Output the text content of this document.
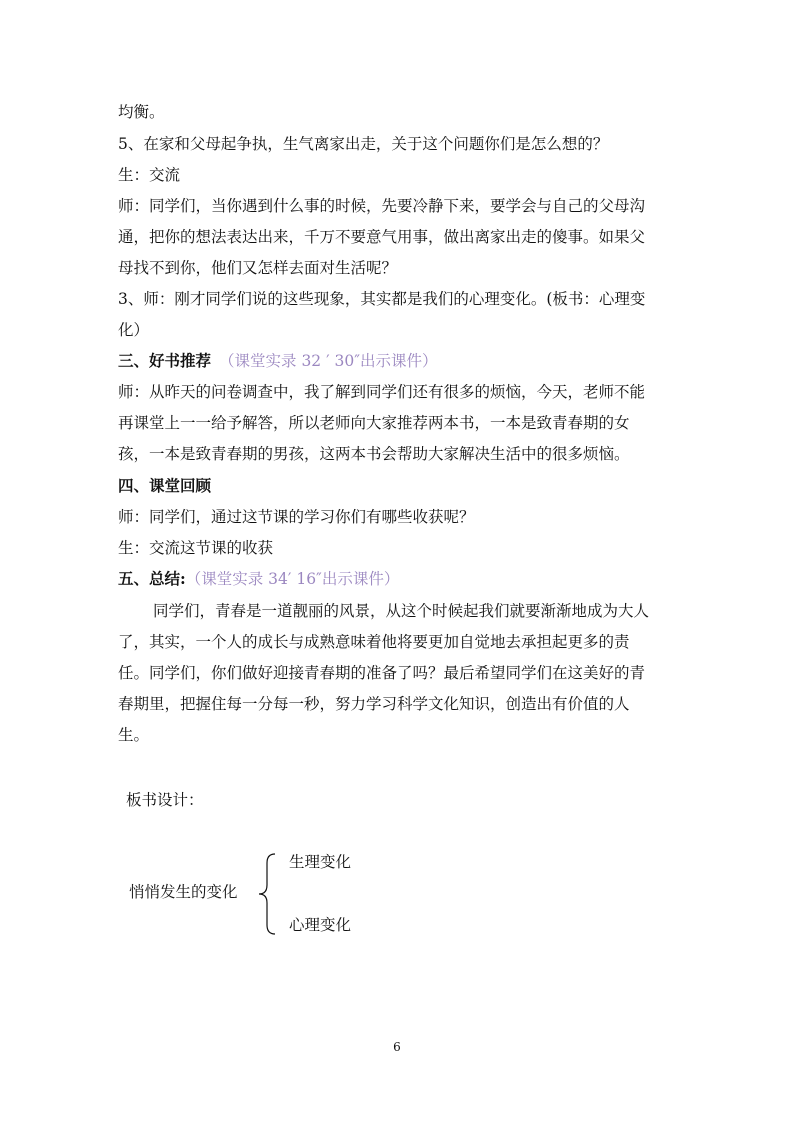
均衡。
5、在家和父母起争执，生气离家出走，关于这个问题你们是怎么想的？
生：交流
师：同学们，当你遇到什么事的时候，先要冷静下来，要学会与自己的父母沟
通，把你的想法表达出来，千万不要意气用事，做出离家出走的傻事。如果父
母找不到你，他们又怎样去面对生活呢？
3、师：刚才同学们说的这些现象，其实都是我们的心理变化。(板书：心理变
化）
三、好书推荐 （课堂实录 32 ′ 30″出示课件）
师：从昨天的问卷调查中，我了解到同学们还有很多的烦恼，今天，老师不能
再课堂上一一给予解答，所以老师向大家推荐两本书，一本是致青春期的女
孩，一本是致青春期的男孩，这两本书会帮助大家解决生活中的很多烦恼。
四、课堂回顾
师：同学们，通过这节课的学习你们有哪些收获呢？
生：交流这节课的收获
五、总结:（课堂实录 34′ 16″出示课件）
同学们，青春是一道靓丽的风景，从这个时候起我们就要渐渐地成为大人
了，其实，一个人的成长与成熟意味着他将要更加自觉地去承担起更多的责
任。同学们，你们做好迎接青春期的准备了吗？最后希望同学们在这美好的青
春期里，把握住每一分每一秒，努力学习科学文化知识，创造出有价值的人
生。
板书设计：
悄悄发生的变化
生理变化
心理变化
6
